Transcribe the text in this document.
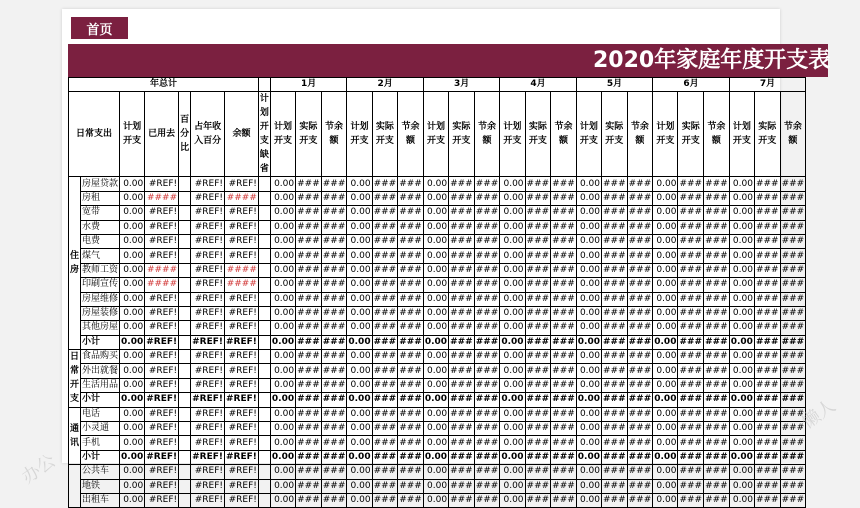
首页
2020年家庭年度开支表
年总计								1月			2月			3月			4月			5月			6月			7月		
日常支出		计划开支	已用去	百分比	占年收入百分	余额	计划开支缺省	计划开支	实际开支	节余额	计划开支	实际开支	节余额	计划开支	实际开支	节余额	计划开支	实际开支	节余额	计划开支	实际开支	节余额	计划开支	实际开支	节余额	计划开支	实际开支	节余额
住房	房屋贷款	0.00	#REF!		#REF!	#REF!		0.00	###	###	0.00	###	###	0.00	###	###	0.00	###	###	0.00	###	###	0.00	###	###	0.00	###	###
	房租	0.00	####		#REF!	####		0.00	###	###	0.00	###	###	0.00	###	###	0.00	###	###	0.00	###	###	0.00	###	###	0.00	###	###
	宽带	0.00	#REF!		#REF!	#REF!		0.00	###	###	0.00	###	###	0.00	###	###	0.00	###	###	0.00	###	###	0.00	###	###	0.00	###	###
	水费	0.00	#REF!		#REF!	#REF!		0.00	###	###	0.00	###	###	0.00	###	###	0.00	###	###	0.00	###	###	0.00	###	###	0.00	###	###
	电费	0.00	#REF!		#REF!	#REF!		0.00	###	###	0.00	###	###	0.00	###	###	0.00	###	###	0.00	###	###	0.00	###	###	0.00	###	###
	煤气	0.00	#REF!		#REF!	#REF!		0.00	###	###	0.00	###	###	0.00	###	###	0.00	###	###	0.00	###	###	0.00	###	###	0.00	###	###
	教师工资	0.00	####		#REF!	####		0.00	###	###	0.00	###	###	0.00	###	###	0.00	###	###	0.00	###	###	0.00	###	###	0.00	###	###
	印刷宣传	0.00	####		#REF!	####		0.00	###	###	0.00	###	###	0.00	###	###	0.00	###	###	0.00	###	###	0.00	###	###	0.00	###	###
	房屋维修	0.00	#REF!		#REF!	#REF!		0.00	###	###	0.00	###	###	0.00	###	###	0.00	###	###	0.00	###	###	0.00	###	###	0.00	###	###
	房屋装修	0.00	#REF!		#REF!	#REF!		0.00	###	###	0.00	###	###	0.00	###	###	0.00	###	###	0.00	###	###	0.00	###	###	0.00	###	###
	其他房屋	0.00	#REF!		#REF!	#REF!		0.00	###	###	0.00	###	###	0.00	###	###	0.00	###	###	0.00	###	###	0.00	###	###	0.00	###	###
	小计	0.00	#REF!		#REF!	#REF!		0.00	###	###	0.00	###	###	0.00	###	###	0.00	###	###	0.00	###	###	0.00	###	###	0.00	###	###
日常开支	食品购买	0.00	#REF!		#REF!	#REF!		0.00	###	###	0.00	###	###	0.00	###	###	0.00	###	###	0.00	###	###	0.00	###	###	0.00	###	###
	外出就餐	0.00	#REF!		#REF!	#REF!		0.00	###	###	0.00	###	###	0.00	###	###	0.00	###	###	0.00	###	###	0.00	###	###	0.00	###	###
	生活用品	0.00	#REF!		#REF!	#REF!		0.00	###	###	0.00	###	###	0.00	###	###	0.00	###	###	0.00	###	###	0.00	###	###	0.00	###	###
	小计	0.00	#REF!		#REF!	#REF!		0.00	###	###	0.00	###	###	0.00	###	###	0.00	###	###	0.00	###	###	0.00	###	###	0.00	###	###
通讯	电话	0.00	#REF!		#REF!	#REF!		0.00	###	###	0.00	###	###	0.00	###	###	0.00	###	###	0.00	###	###	0.00	###	###	0.00	###	###
	小灵通	0.00	#REF!		#REF!	#REF!		0.00	###	###	0.00	###	###	0.00	###	###	0.00	###	###	0.00	###	###	0.00	###	###	0.00	###	###
	手机	0.00	#REF!		#REF!	#REF!		0.00	###	###	0.00	###	###	0.00	###	###	0.00	###	###	0.00	###	###	0.00	###	###	0.00	###	###
	小计	0.00	#REF!		#REF!	#REF!		0.00	###	###	0.00	###	###	0.00	###	###	0.00	###	###	0.00	###	###	0.00	###	###	0.00	###	###
	公共车	0.00	#REF!		#REF!	#REF!		0.00	###	###	0.00	###	###	0.00	###	###	0.00	###	###	0.00	###	###	0.00	###	###	0.00	###	###
	地铁	0.00	#REF!		#REF!	#REF!		0.00	###	###	0.00	###	###	0.00	###	###	0.00	###	###	0.00	###	###	0.00	###	###	0.00	###	###
	出租车	0.00	#REF!		#REF!	#REF!		0.00	###	###	0.00	###	###	0.00	###	###	0.00	###	###	0.00	###	###	0.00	###	###	0.00	###	###
办公
懒人
